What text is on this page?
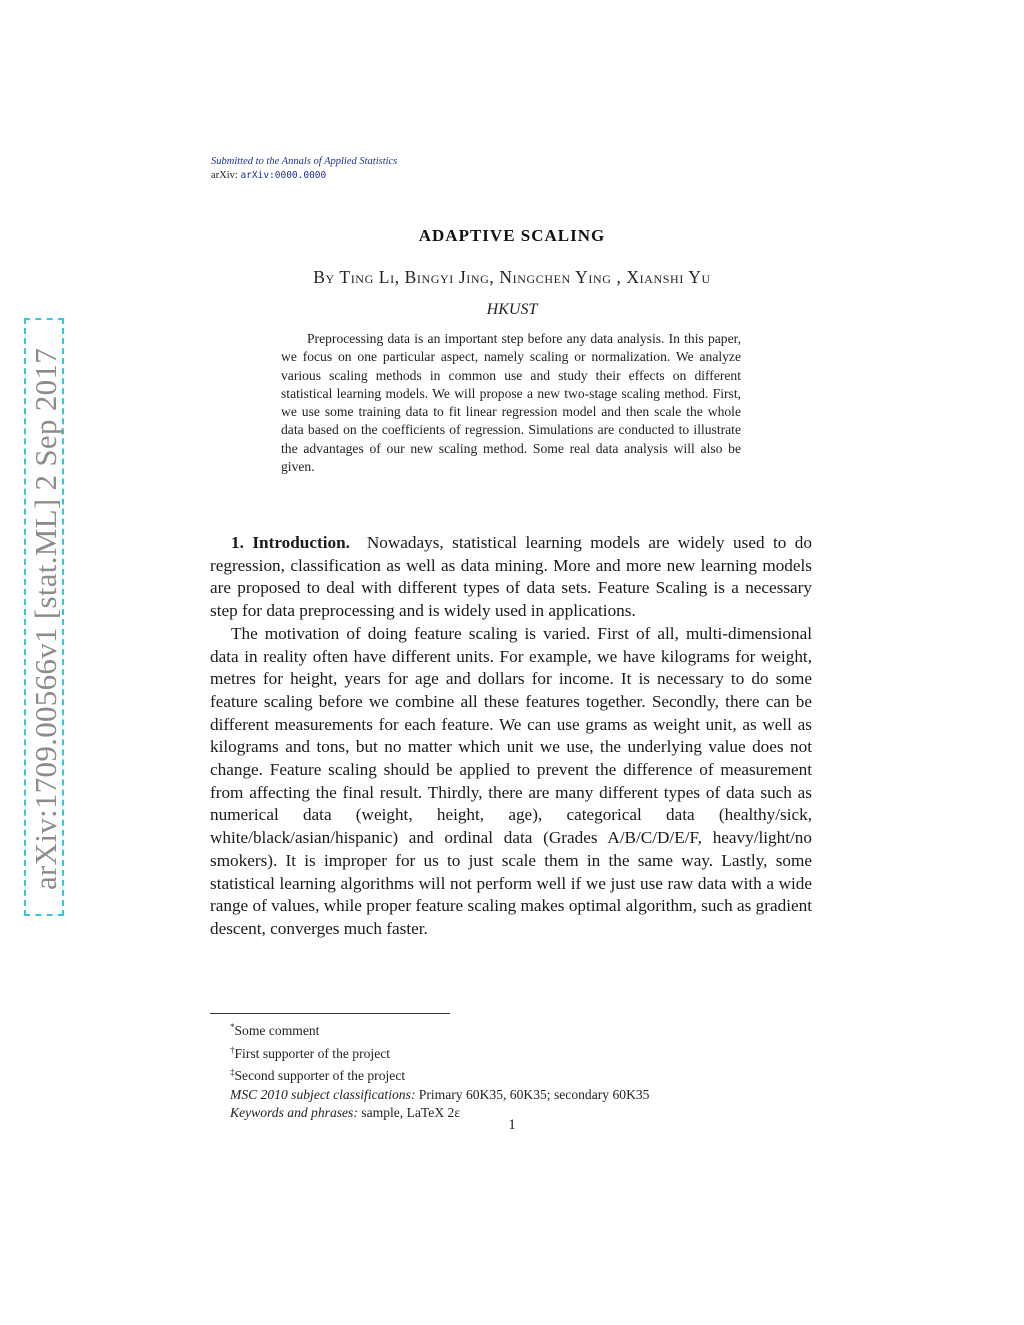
arXiv:1709.00566v1 [stat.ML] 2 Sep 2017
Submitted to the Annals of Applied Statistics
arXiv: arXiv:0000.0000
ADAPTIVE SCALING
By Ting Li, Bingyi Jing, Ningchen Ying , Xianshi Yu
HKUST

Preprocessing data is an important step before any data analysis. In this paper, we focus on one particular aspect, namely scaling or normalization. We analyze various scaling methods in common use and study their effects on different statistical learning models. We will propose a new two-stage scaling method. First, we use some training data to fit linear regression model and then scale the whole data based on the coefficients of regression. Simulations are conducted to illustrate the advantages of our new scaling method. Some real data analysis will also be given.

1. Introduction. Nowadays, statistical learning models are widely used to do regression, classification as well as data mining. More and more new learning models are proposed to deal with different types of data sets. Feature Scaling is a necessary step for data preprocessing and is widely used in applications.

The motivation of doing feature scaling is varied. First of all, multi-dimensional data in reality often have different units. For example, we have kilograms for weight, metres for height, years for age and dollars for income. It is necessary to do some feature scaling before we combine all these features together. Secondly, there can be different measurements for each feature. We can use grams as weight unit, as well as kilograms and tons, but no matter which unit we use, the underlying value does not change. Feature scaling should be applied to prevent the difference of measurement from affecting the final result. Thirdly, there are many different types of data such as numerical data (weight, height, age), categorical data (healthy/sick, white/black/asian/hispanic) and ordinal data (Grades A/B/C/D/E/F, heavy/light/no smokers). It is improper for us to just scale them in the same way. Lastly, some statistical learning algorithms will not perform well if we just use raw data with a wide range of values, while proper feature scaling makes optimal algorithm, such as gradient descent, converges much faster.

*Some comment
†First supporter of the project
‡Second supporter of the project
MSC 2010 subject classifications: Primary 60K35, 60K35; secondary 60K35
Keywords and phrases: sample, LaTeX 2ε
1
